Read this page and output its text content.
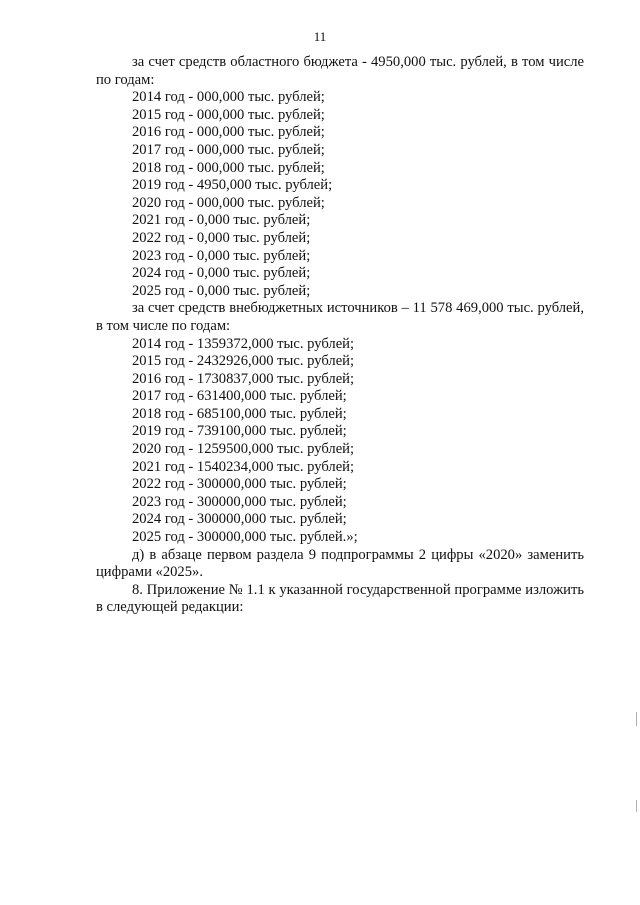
11

за счет средств областного бюджета - 4950,000 тыс. рублей, в том числе по годам:

2014 год - 000,000 тыс. рублей;

2015 год - 000,000 тыс. рублей;

2016 год - 000,000 тыс. рублей;

2017 год - 000,000 тыс. рублей;

2018 год - 000,000 тыс. рублей;

2019 год - 4950,000 тыс. рублей;

2020 год - 000,000 тыс. рублей;

2021 год - 0,000 тыс. рублей;

2022 год - 0,000 тыс. рублей;

2023 год - 0,000 тыс. рублей;

2024 год - 0,000 тыс. рублей;

2025 год - 0,000 тыс. рублей;

за счет средств внебюджетных источников – 11 578 469,000 тыс. рублей, в том числе по годам:

2014 год - 1359372,000 тыс. рублей;

2015 год - 2432926,000 тыс. рублей;

2016 год - 1730837,000 тыс. рублей;

2017 год - 631400,000 тыс. рублей;

2018 год - 685100,000 тыс. рублей;

2019 год - 739100,000 тыс. рублей;

2020 год - 1259500,000 тыс. рублей;

2021 год - 1540234,000 тыс. рублей;

2022 год - 300000,000 тыс. рублей;

2023 год - 300000,000 тыс. рублей;

2024 год - 300000,000 тыс. рублей;

2025 год - 300000,000 тыс. рублей.»;

д) в абзаце первом раздела 9 подпрограммы 2 цифры «2020» заменить цифрами «2025».

8. Приложение № 1.1 к указанной государственной программе изложить в следующей редакции:
